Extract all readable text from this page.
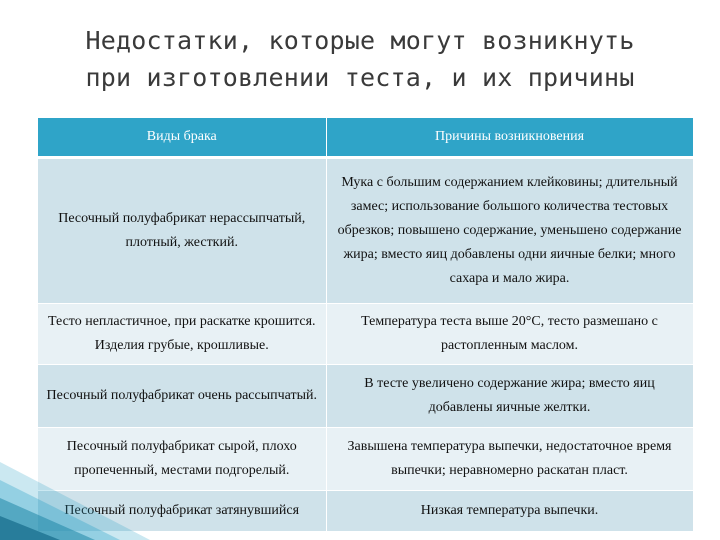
Недостатки, которые могут возникнуть
при изготовлении теста, и их причины
Виды брака	Причины возникновения
Песочный полуфабрикат нерассыпчатый, плотный, жесткий.	Мука с большим содержанием клейковины; длительный замес; использование большого количества тестовых обрезков; повышено содержание, уменьшено содержание жира; вместо яиц добавлены одни яичные белки; много сахара и мало жира.
Тесто непластичное, при раскатке крошится. Изделия грубые, крошливые.	Температура теста выше 20°С, тесто размешано с растопленным маслом.
Песочный полуфабрикат очень рассыпчатый.	В тесте увеличено содержание жира; вместо яиц добавлены яичные желтки.
Песочный полуфабрикат сырой, плохо пропеченный, местами подгорелый.	Завышена температура выпечки, недостаточное время выпечки; неравномерно раскатан пласт.
Песочный полуфабрикат затянувшийся	Низкая температура выпечки.
